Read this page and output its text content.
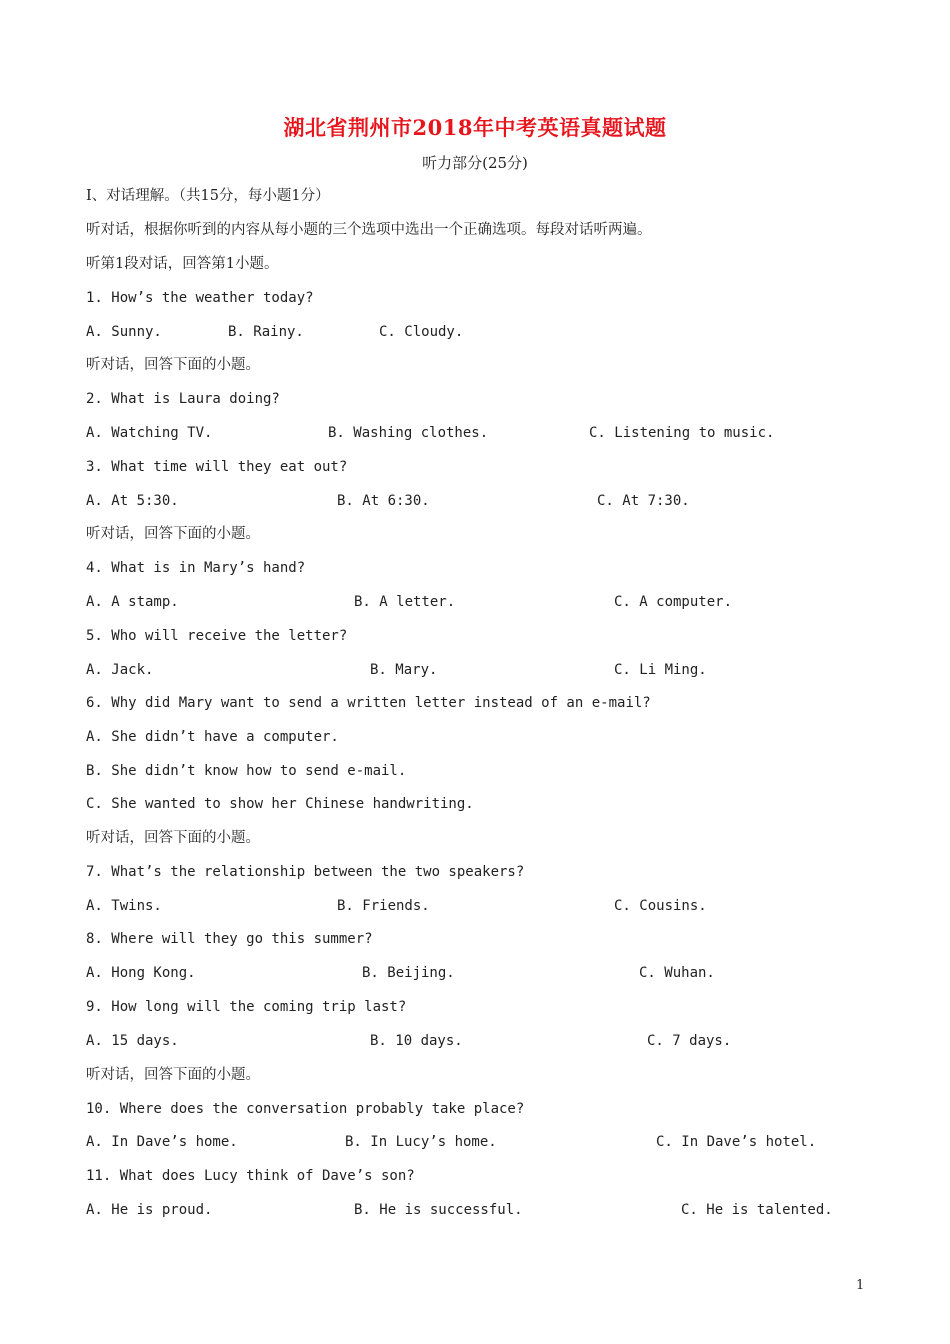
湖北省荆州市2018年中考英语真题试题
听力部分(25分)
I、对话理解。（共15分，每小题1分）
听对话，根据你听到的内容从每小题的三个选项中选出一个正确选项。每段对话听两遍。
听第1段对话，回答第1小题。
1. How’s the weather today?
A. Sunny.	B. Rainy.	C. Cloudy.
听对话，回答下面的小题。
2. What is Laura doing?
A. Watching TV.	B. Washing clothes.	C. Listening to music.
3. What time will they eat out?
A. At 5:30.	B. At 6:30.	C. At 7:30.
听对话，回答下面的小题。
4. What is in Mary’s hand?
A. A stamp.	B. A letter.	C. A computer.
5. Who will receive the letter?
A. Jack.	B. Mary.	C. Li Ming.
6. Why did Mary want to send a written letter instead of an e-mail?
A. She didn’t have a computer.
B. She didn’t know how to send e-mail.
C. She wanted to show her Chinese handwriting.
听对话，回答下面的小题。
7. What’s the relationship between the two speakers?
A. Twins.	B. Friends.	C. Cousins.
8. Where will they go this summer?
A. Hong Kong.	B. Beijing.	C. Wuhan.
9. How long will the coming trip last?
A. 15 days.	B. 10 days.	C. 7 days.
听对话，回答下面的小题。
10. Where does the conversation probably take place?
A. In Dave’s home.	B. In Lucy’s home.	C. In Dave’s hotel.
11. What does Lucy think of Dave’s son?
A. He is proud.	B. He is successful.	C. He is talented.
1
